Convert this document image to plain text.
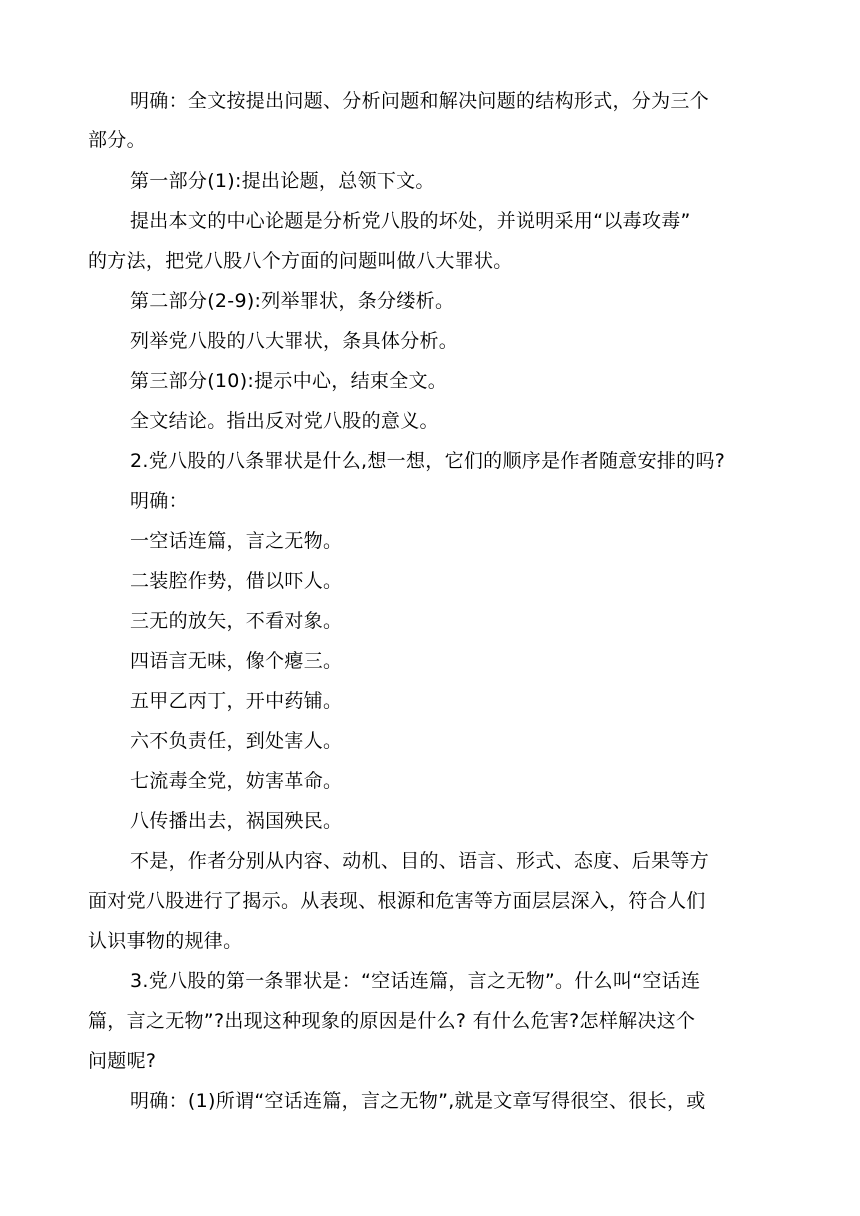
明确：全文按提出问题、分析问题和解决问题的结构形式，分为三个
部分。
第一部分(1):提出论题，总领下文。
提出本文的中心论题是分析党八股的坏处，并说明采用“以毒攻毒”
的方法，把党八股八个方面的问题叫做八大罪状。
第二部分(2-9):列举罪状，条分缕析。
列举党八股的八大罪状，条具体分析。
第三部分(10):提示中心，结束全文。
全文结论。指出反对党八股的意义。
2.党八股的八条罪状是什么,想一想，它们的顺序是作者随意安排的吗?
明确：
一空话连篇，言之无物。
二装腔作势，借以吓人。
三无的放矢，不看对象。
四语言无味，像个瘪三。
五甲乙丙丁，开中药铺。
六不负责任，到处害人。
七流毒全党，妨害革命。
八传播出去，祸国殃民。
不是，作者分别从内容、动机、目的、语言、形式、态度、后果等方
面对党八股进行了揭示。从表现、根源和危害等方面层层深入，符合人们
认识事物的规律。
3.党八股的第一条罪状是：“空话连篇，言之无物”。什么叫“空话连
篇，言之无物”?出现这种现象的原因是什么? 有什么危害?怎样解决这个
问题呢?
明确：(1)所谓“空话连篇，言之无物”,就是文章写得很空、很长，或
